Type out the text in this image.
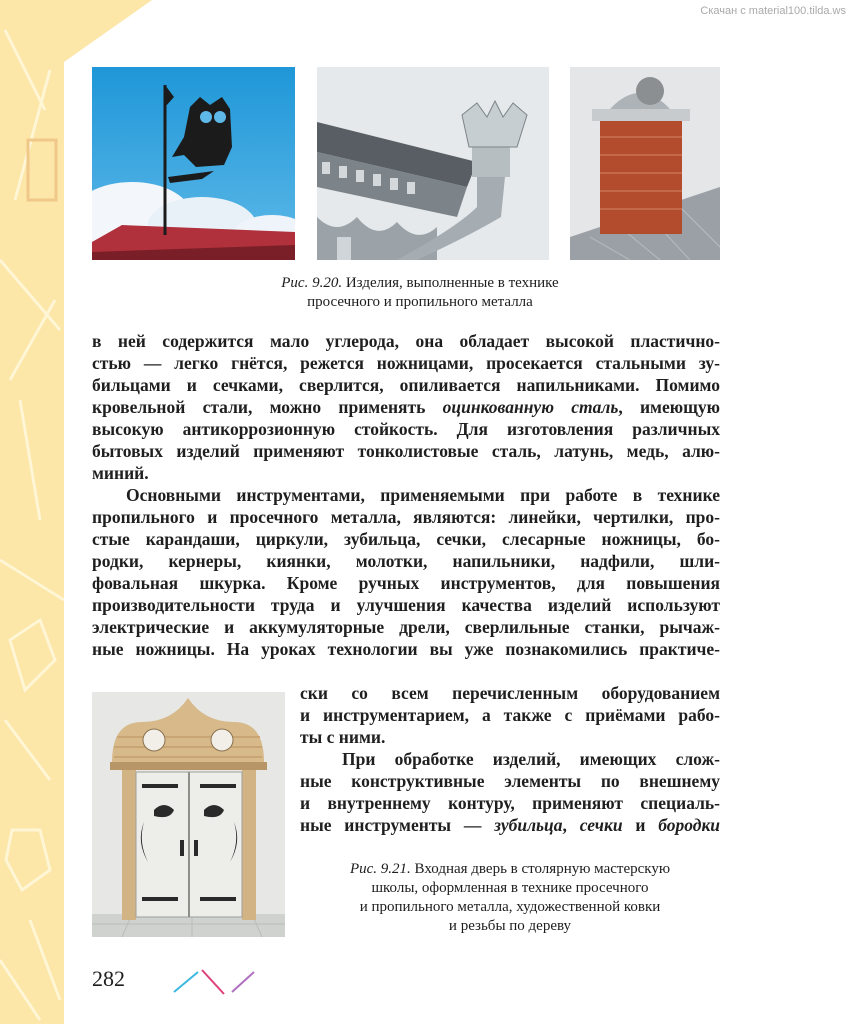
Скачан с material100.tilda.ws
Рис. 9.20. Изделия, выполненные в технике
просечного и пропильного металла

в ней содержится мало углерода, она обладает высокой пластично-

стью — легко гнётся, режется ножницами, просекается стальными зу-

бильцами и сечками, сверлится, опиливается напильниками. Помимо

кровельной стали, можно применять оцинкованную сталь, имеющую

высокую антикоррозионную стойкость. Для изготовления различных

бытовых изделий применяют тонколистовые сталь, латунь, медь, алю-

миний.

Основными инструментами, применяемыми при работе в технике

пропильного и просечного металла, являются: линейки, чертилки, про-

стые карандаши, циркули, зубильца, сечки, слесарные ножницы, бо-

родки, кернеры, киянки, молотки, напильники, надфили, шли-

фовальная шкурка. Кроме ручных инструментов, для повышения

производительности труда и улучшения качества изделий используют

электрические и аккумуляторные дрели, сверлильные станки, рычаж-

ные ножницы. На уроках технологии вы уже познакомились практиче-

ски со всем перечисленным оборудованием

и инструментарием, а также с приёмами рабо-

ты с ними.

При обработке изделий, имеющих слож-

ные конструктивные элементы по внешнему

и внутреннему контуру, применяют специаль-

ные инструменты — зубильца, сечки и бородки

Рис. 9.21. Входная дверь в столярную мастерскую
школы, оформленная в технике просечного
и пропильного металла, художественной ковки
и резьбы по дереву
282
